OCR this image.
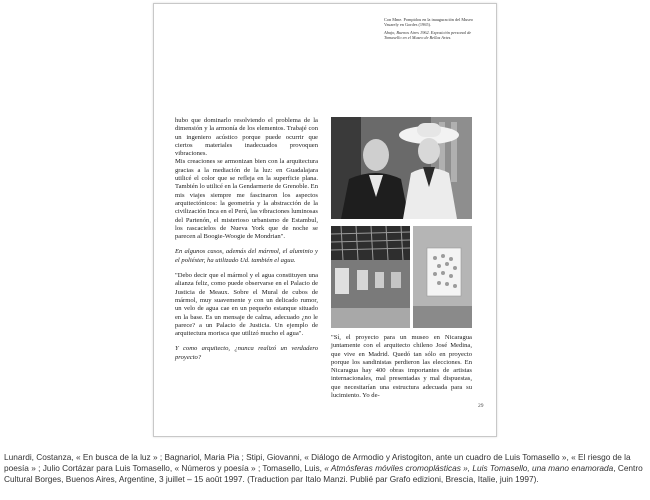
Con Mme. Pompidou en la inauguración del Museo Vasarely en Gordes (1965).

Abajo, Buenos Aires 1962. Exposición personal de Tomasello en el Museo de Bellas Artes.

hubo que dominarlo resolviendo el problema de la dimensión y la armonía de los elementos. Trabajé con un ingeniero acústico porque puede ocurrir que ciertos materiales inadecuados provoquen vibraciones.

Mis creaciones se armonizan bien con la arquitectura gracias a la mediación de la luz: en Guadalajara utilicé el color que se refleja en la superficie plana. También lo utilicé en la Gendarmerie de Grenoble. En mis viajes siempre me fascinaron los aspectos arquitectónicos: la geometría y la abstracción de la civilización Inca en el Perú, las vibraciones luminosas del Partenón, el misterioso urbanismo de Estambul, los rascacielos de Nueva York que de noche se parecen al Boogie-Woogie de Mondrian".

En algunos casos, además del mármol, el aluminio y el poliéster, ha utilizado Ud. también el agua.

"Debo decir que el mármol y el agua constituyen una alianza feliz, como puede observarse en el Palacio de Justicia de Meaux. Sobre el Mural de cubos de mármol, muy suavemente y con un delicado rumor, un velo de agua cae en un pequeño estanque situado en la base. Es un mensaje de calma, adecuado ¿no le parece? a un Palacio de Justicia. Un ejemplo de arquitectura morisca que utilizó mucho el agua".

Y como arquitecto, ¿nunca realizó un verdadero proyecto?

"Sí, el proyecto para un museo en Nicaragua juntamente con el arquitecto chileno José Medina, que vive en Madrid. Quedó tan sólo en proyecto porque los sandinistas perdieron las elecciones. En Nicaragua hay 400 obras importantes de artistas internacionales, mal presentadas y mal dispuestas, que necesitarían una estructura adecuada para su lucimiento. Yo de-

29
Lunardi, Costanza, « En busca de la luz » ; Bagnariol, Maria Pia ; Stipi, Giovanni, « Diálogo de Armodio y Aristogiton, ante un cuadro de Luis Tomasello », « El riesgo de la poesía » ; Julio Cortázar para Luis Tomasello, « Números y poesía » ; Tomasello, Luis, « Atmósferas móviles cromoplásticas », Luis Tomasello, una mano enamorada, Centro Cultural Borges, Buenos Aires, Argentine, 3 juillet – 15 août 1997. (Traduction par Italo Manzi. Publié par Grafo edizioni, Brescia, Italie, juin 1997).
